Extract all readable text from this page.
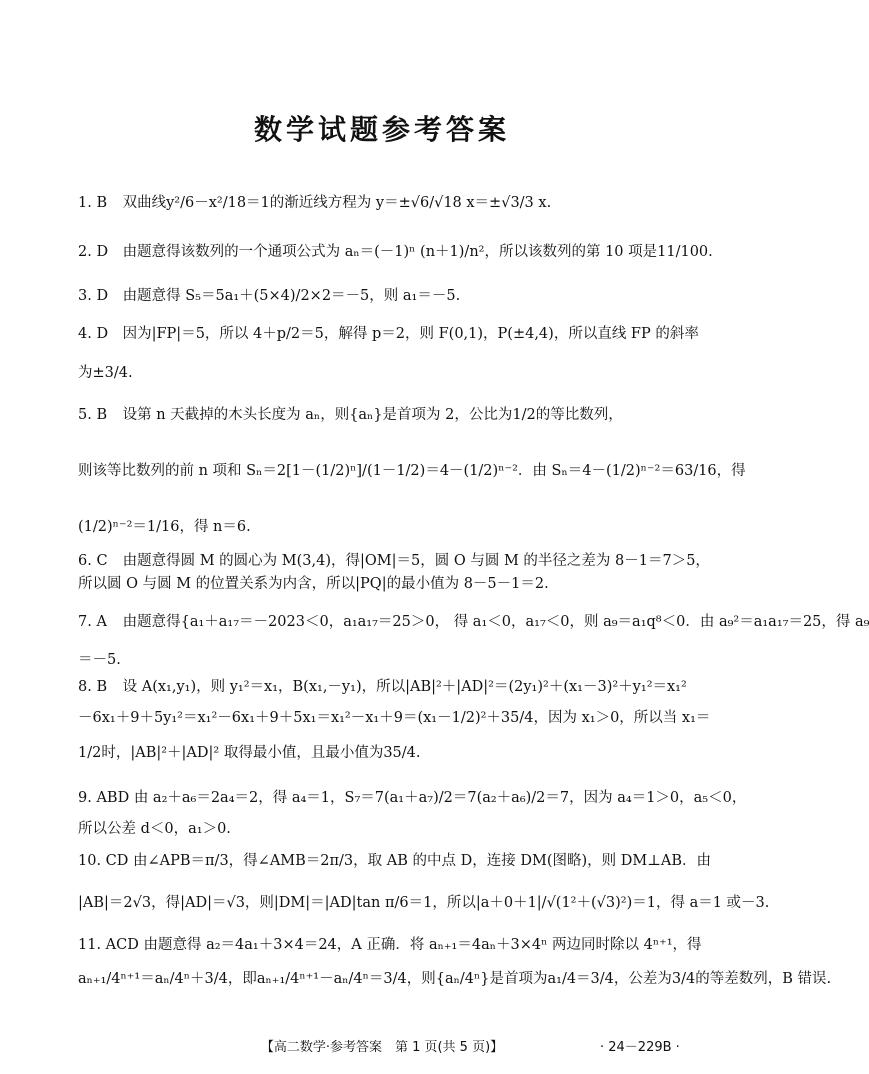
数学试题参考答案
1. B 双曲线y²/6－x²/18＝1的渐近线方程为 y＝±√6/√18 x＝±√3/3 x.
2. D 由题意得该数列的一个通项公式为 aₙ＝(－1)ⁿ (n＋1)/n²，所以该数列的第 10 项是11/100.
3. D 由题意得 S₅＝5a₁＋(5×4)/2×2＝－5，则 a₁＝－5.
4. D 因为|FP|＝5，所以 4＋p/2＝5，解得 p＝2，则 F(0,1)，P(±4,4)，所以直线 FP 的斜率
为±3/4.
5. B 设第 n 天截掉的木头长度为 aₙ，则{aₙ}是首项为 2，公比为1/2的等比数列，
则该等比数列的前 n 项和 Sₙ＝2[1－(1/2)ⁿ]/(1－1/2)＝4－(1/2)ⁿ⁻²．由 Sₙ＝4－(1/2)ⁿ⁻²＝63/16，得
(1/2)ⁿ⁻²＝1/16，得 n＝6.
6. C 由题意得圆 M 的圆心为 M(3,4)，得|OM|＝5，圆 O 与圆 M 的半径之差为 8－1＝7＞5，
所以圆 O 与圆 M 的位置关系为内含，所以|PQ|的最小值为 8－5－1＝2.
7. A 由题意得{a₁＋a₁₇＝－2023＜0，a₁a₁₇＝25＞0， 得 a₁＜0，a₁₇＜0，则 a₉＝a₁q⁸＜0．由 a₉²＝a₁a₁₇＝25，得 a₉
＝－5.
8. B 设 A(x₁,y₁)，则 y₁²＝x₁，B(x₁,－y₁)，所以|AB|²＋|AD|²＝(2y₁)²＋(x₁－3)²＋y₁²＝x₁²
－6x₁＋9＋5y₁²＝x₁²－6x₁＋9＋5x₁＝x₁²－x₁＋9＝(x₁－1/2)²＋35/4，因为 x₁＞0，所以当 x₁＝
1/2时，|AB|²＋|AD|² 取得最小值，且最小值为35/4.
9. ABD 由 a₂＋a₆＝2a₄＝2，得 a₄＝1，S₇＝7(a₁＋a₇)/2＝7(a₂＋a₆)/2＝7，因为 a₄＝1＞0，a₅＜0，
所以公差 d＜0，a₁＞0.
10. CD 由∠APB＝π/3，得∠AMB＝2π/3，取 AB 的中点 D，连接 DM(图略)，则 DM⊥AB．由
|AB|＝2√3，得|AD|＝√3，则|DM|＝|AD|tan π/6＝1，所以|a＋0＋1|/√(1²＋(√3)²)＝1，得 a＝1 或－3.
11. ACD 由题意得 a₂＝4a₁＋3×4＝24，A 正确．将 aₙ₊₁＝4aₙ＋3×4ⁿ 两边同时除以 4ⁿ⁺¹，得
aₙ₊₁/4ⁿ⁺¹＝aₙ/4ⁿ＋3/4，即aₙ₊₁/4ⁿ⁺¹－aₙ/4ⁿ＝3/4，则{aₙ/4ⁿ}是首项为a₁/4＝3/4，公差为3/4的等差数列，B 错误.
【高二数学·参考答案　第 1 页(共 5 页)】	· 24－229B ·
